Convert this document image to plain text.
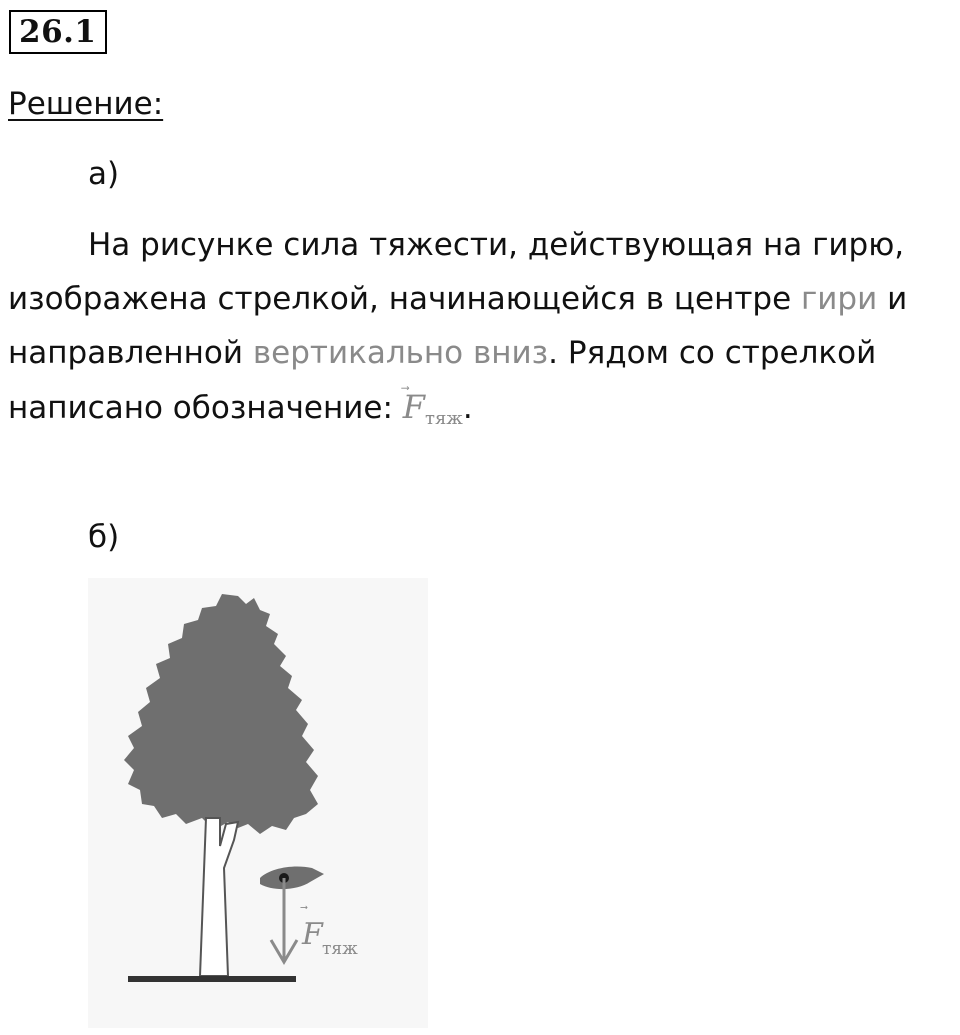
26.1
Решение:
а)
На рисунке сила тяжести, действующая на гирю,
изображена стрелкой, начинающейся в центре гири и
направленной вертикально вниз. Рядом со стрелкой
написано обозначение:
$F_{тяж}$.
б)
F тяж
